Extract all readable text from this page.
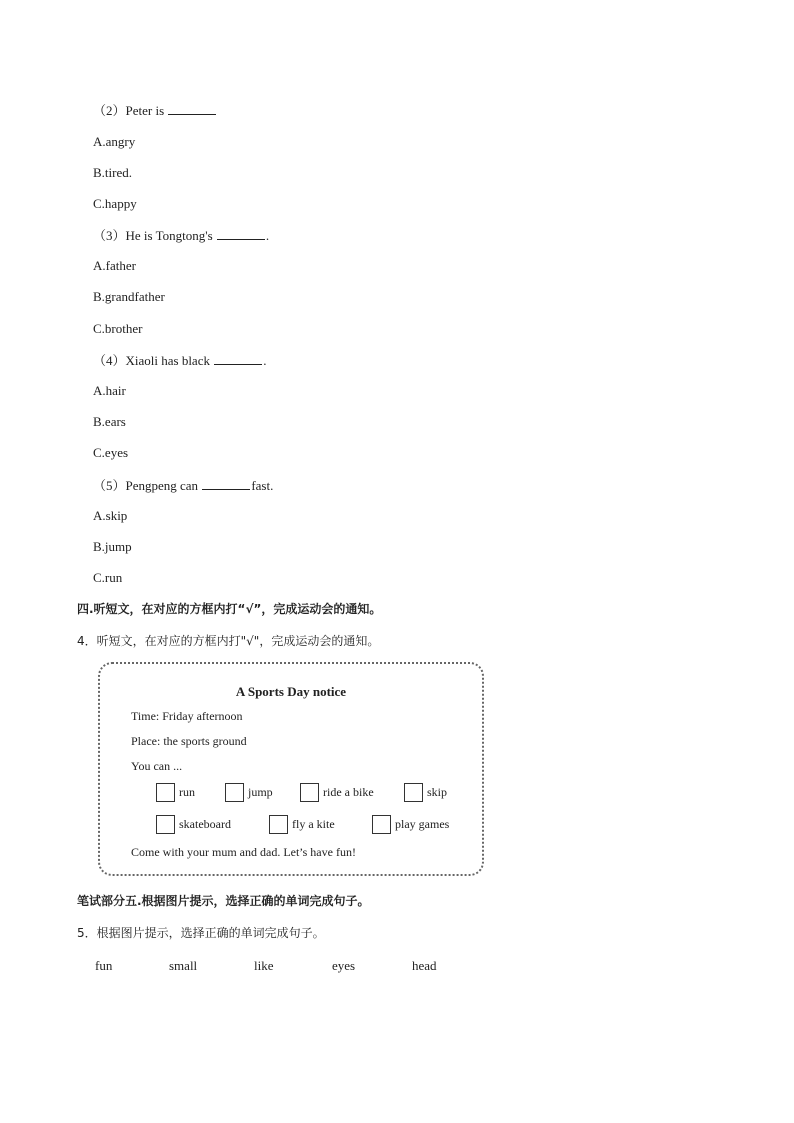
（2）Peter is
A.angry
B.tired.
C.happy
（3）He is Tongtong's	.
A.father
B.grandfather
C.brother
（4）Xiaoli has black	.
A.hair
B.ears
C.eyes
（5）Pengpeng can	fast.
A.skip
B.jump
C.run
四.听短文，在对应的方框内打“√”，完成运动会的通知。
4．听短文，在对应的方框内打"√"，完成运动会的通知。
A Sports Day notice
Time: Friday afternoon
Place: the sports ground
You can ...
run	jump	ride a bike	skip
skateboard	fly a kite	play games
Come with your mum and dad. Let’s have fun!
笔试部分五.根据图片提示，选择正确的单词完成句子。
5．根据图片提示，选择正确的单词完成句子。
fun	small	like	eyes	head
